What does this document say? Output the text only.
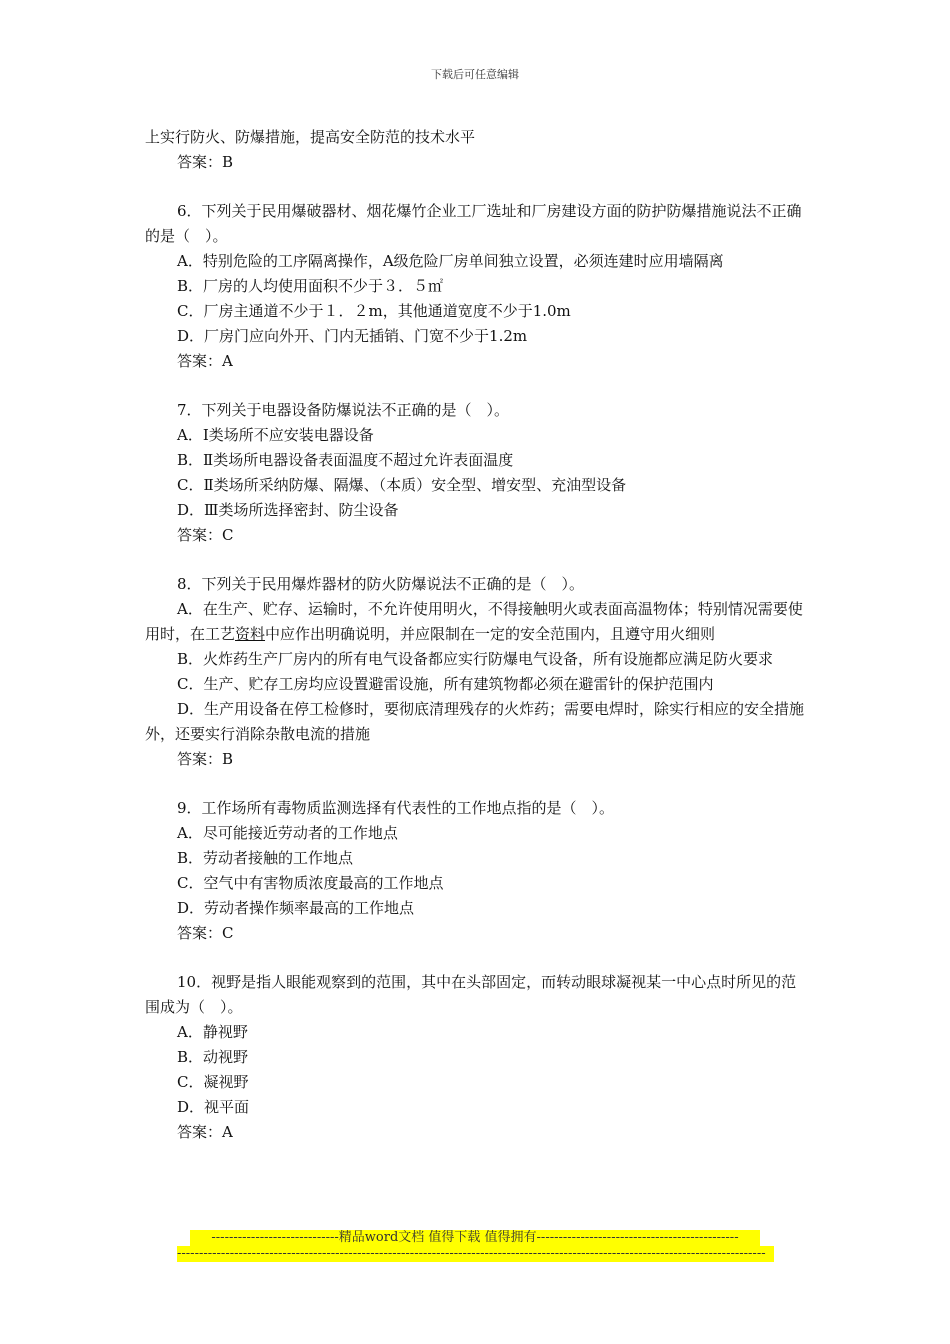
下载后可任意编辑
上实行防火、防爆措施，提高安全防范的技术水平
答案：B
6．下列关于民用爆破器材、烟花爆竹企业工厂选址和厂房建设方面的防护防爆措施说法不正确的是（　）。
A．特别危险的工序隔离操作，A级危险厂房单间独立设置，必须连建时应用墙隔离
B．厂房的人均使用面积不少于３．５㎡
C．厂房主通道不少于１．２m，其他通道宽度不少于1.0m
D．厂房门应向外开、门内无插销、门宽不少于1.2m
答案：A
7．下列关于电器设备防爆说法不正确的是（　）。
A．Ⅰ类场所不应安装电器设备
B．Ⅱ类场所电器设备表面温度不超过允许表面温度
C．Ⅱ类场所采纳防爆、隔爆、（本质）安全型、增安型、充油型设备
D．Ⅲ类场所选择密封、防尘设备
答案：C
8．下列关于民用爆炸器材的防火防爆说法不正确的是（　）。
A．在生产、贮存、运输时，不允许使用明火，不得接触明火或表面高温物体；特别情况需要使用时，在工艺资料中应作出明确说明，并应限制在一定的安全范围内，且遵守用火细则
B．火炸药生产厂房内的所有电气设备都应实行防爆电气设备，所有设施都应满足防火要求
C．生产、贮存工房均应设置避雷设施，所有建筑物都必须在避雷针的保护范围内
D．生产用设备在停工检修时，要彻底清理残存的火炸药；需要电焊时，除实行相应的安全措施外，还要实行消除杂散电流的措施
答案：B
9．工作场所有毒物质监测选择有代表性的工作地点指的是（　）。
A．尽可能接近劳动者的工作地点
B．劳动者接触的工作地点
C．空气中有害物质浓度最高的工作地点
D．劳动者操作频率最高的工作地点
答案：C
10．视野是指人眼能观察到的范围，其中在头部固定，而转动眼球凝视某一中心点时所见的范围成为（　）。
A．静视野
B．动视野
C．凝视野
D．视平面
答案：A
-----------------------------精品word文档 值得下载 值得拥有----------------------------------------------
--------------------------------------------------------------------------------------------------------------------------------------
